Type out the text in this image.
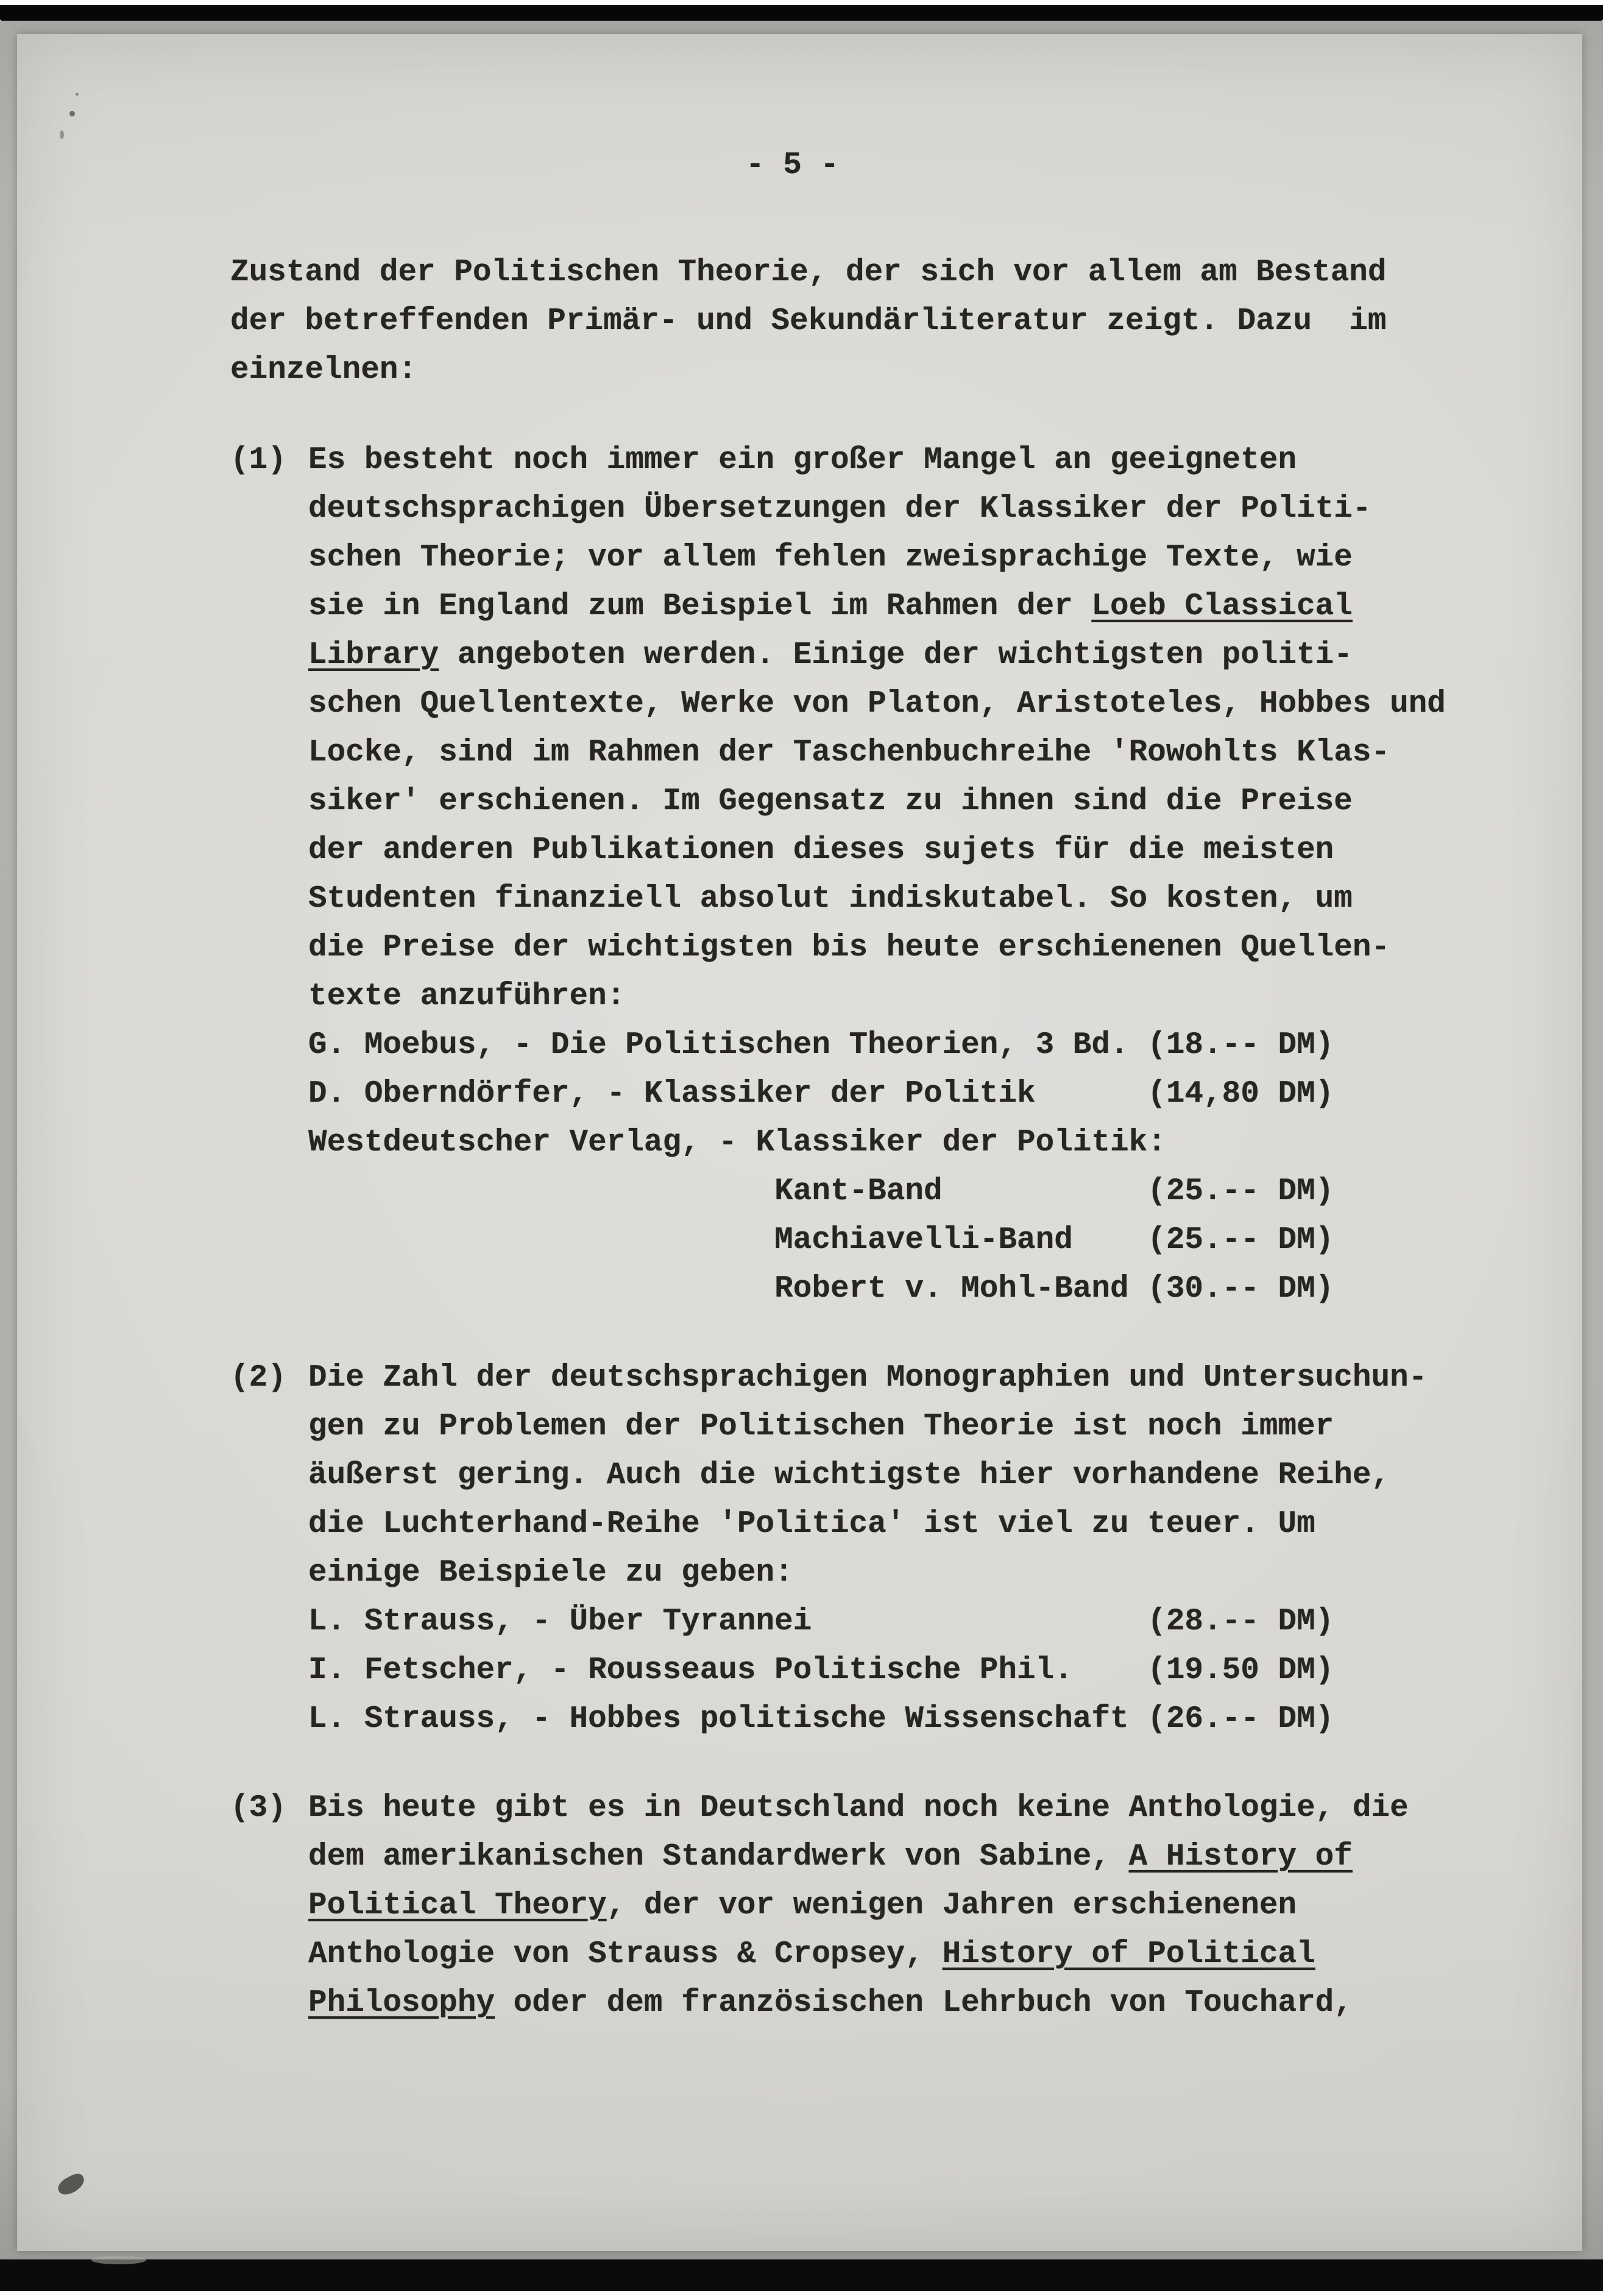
- 5 -
Zustand der Politischen Theorie, der sich vor allem am Bestand
der betreffenden Primär- und Sekundärliteratur zeigt. Dazu  im
einzelnen:
(1) Es besteht noch immer ein großer Mangel an geeigneten
deutschsprachigen Übersetzungen der Klassiker der Politi-
schen Theorie; vor allem fehlen zweisprachige Texte, wie
sie in England zum Beispiel im Rahmen der Loeb Classical
Library angeboten werden. Einige der wichtigsten politi-
schen Quellentexte, Werke von Platon, Aristoteles, Hobbes und
Locke, sind im Rahmen der Taschenbuchreihe 'Rowohlts Klas-
siker' erschienen. Im Gegensatz zu ihnen sind die Preise
der anderen Publikationen dieses sujets für die meisten
Studenten finanziell absolut indiskutabel. So kosten, um
die Preise der wichtigsten bis heute erschienenen Quellen-
texte anzuführen:
G. Moebus, - Die Politischen Theorien, 3 Bd. (18.-- DM)
D. Oberndörfer, - Klassiker der Politik      (14,80 DM)
Westdeutscher Verlag, - Klassiker der Politik:
Kant-Band           (25.-- DM)
Machiavelli-Band    (25.-- DM)
Robert v. Mohl-Band (30.-- DM)
(2) Die Zahl der deutschsprachigen Monographien und Untersuchun-
gen zu Problemen der Politischen Theorie ist noch immer
äußerst gering. Auch die wichtigste hier vorhandene Reihe,
die Luchterhand-Reihe 'Politica' ist viel zu teuer. Um
einige Beispiele zu geben:
L. Strauss, - Über Tyrannei                  (28.-- DM)
I. Fetscher, - Rousseaus Politische Phil.    (19.50 DM)
L. Strauss, - Hobbes politische Wissenschaft (26.-- DM)
(3) Bis heute gibt es in Deutschland noch keine Anthologie, die
dem amerikanischen Standardwerk von Sabine, A History of
Political Theory, der vor wenigen Jahren erschienenen
Anthologie von Strauss & Cropsey, History of Political
Philosophy oder dem französischen Lehrbuch von Touchard,
